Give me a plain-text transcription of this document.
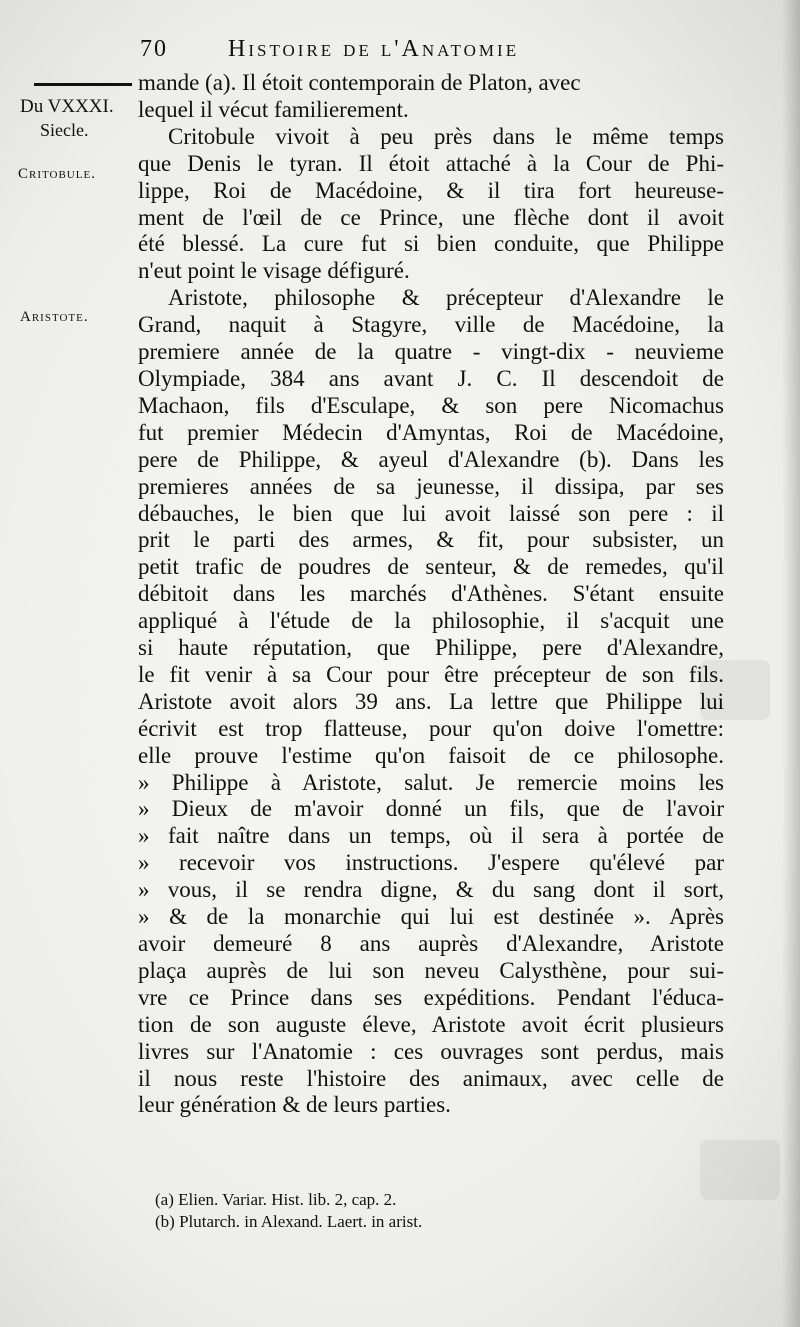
70	Histoire de l'Anatomie
Du VXXXI.
Siecle.
Critobule.
Aristote.
mande (a). Il étoit contemporain de Platon, avec
lequel il vécut familierement.
Critobule vivoit à peu près dans le même temps
que Denis le tyran. Il étoit attaché à la Cour de Phi-
lippe, Roi de Macédoine, & il tira fort heureuse-
ment de l'œil de ce Prince, une flèche dont il avoit
été blessé. La cure fut si bien conduite, que Philippe
n'eut point le visage défiguré.
Aristote, philosophe & précepteur d'Alexandre le
Grand, naquit à Stagyre, ville de Macédoine, la
premiere année de la quatre - vingt-dix - neuvieme
Olympiade, 384 ans avant J. C. Il descendoit de
Machaon, fils d'Esculape, & son pere Nicomachus
fut premier Médecin d'Amyntas, Roi de Macédoine,
pere de Philippe, & ayeul d'Alexandre (b). Dans les
premieres années de sa jeunesse, il dissipa, par ses
débauches, le bien que lui avoit laissé son pere : il
prit le parti des armes, & fit, pour subsister, un
petit trafic de poudres de senteur, & de remedes, qu'il
débitoit dans les marchés d'Athènes. S'étant ensuite
appliqué à l'étude de la philosophie, il s'acquit une
si haute réputation, que Philippe, pere d'Alexandre,
le fit venir à sa Cour pour être précepteur de son fils.
Aristote avoit alors 39 ans. La lettre que Philippe lui
écrivit est trop flatteuse, pour qu'on doive l'omettre:
elle prouve l'estime qu'on faisoit de ce philosophe.
» Philippe à Aristote, salut. Je remercie moins les
» Dieux de m'avoir donné un fils, que de l'avoir
» fait naître dans un temps, où il sera à portée de
» recevoir vos instructions. J'espere qu'élevé par
» vous, il se rendra digne, & du sang dont il sort,
» & de la monarchie qui lui est destinée ». Après
avoir demeuré 8 ans auprès d'Alexandre, Aristote
plaça auprès de lui son neveu Calysthène, pour sui-
vre ce Prince dans ses expéditions. Pendant l'éduca-
tion de son auguste éleve, Aristote avoit écrit plusieurs
livres sur l'Anatomie : ces ouvrages sont perdus, mais
il nous reste l'histoire des animaux, avec celle de
leur génération & de leurs parties.
(a) Elien. Variar. Hist. lib. 2, cap. 2.
(b) Plutarch. in Alexand. Laert. in arist.
